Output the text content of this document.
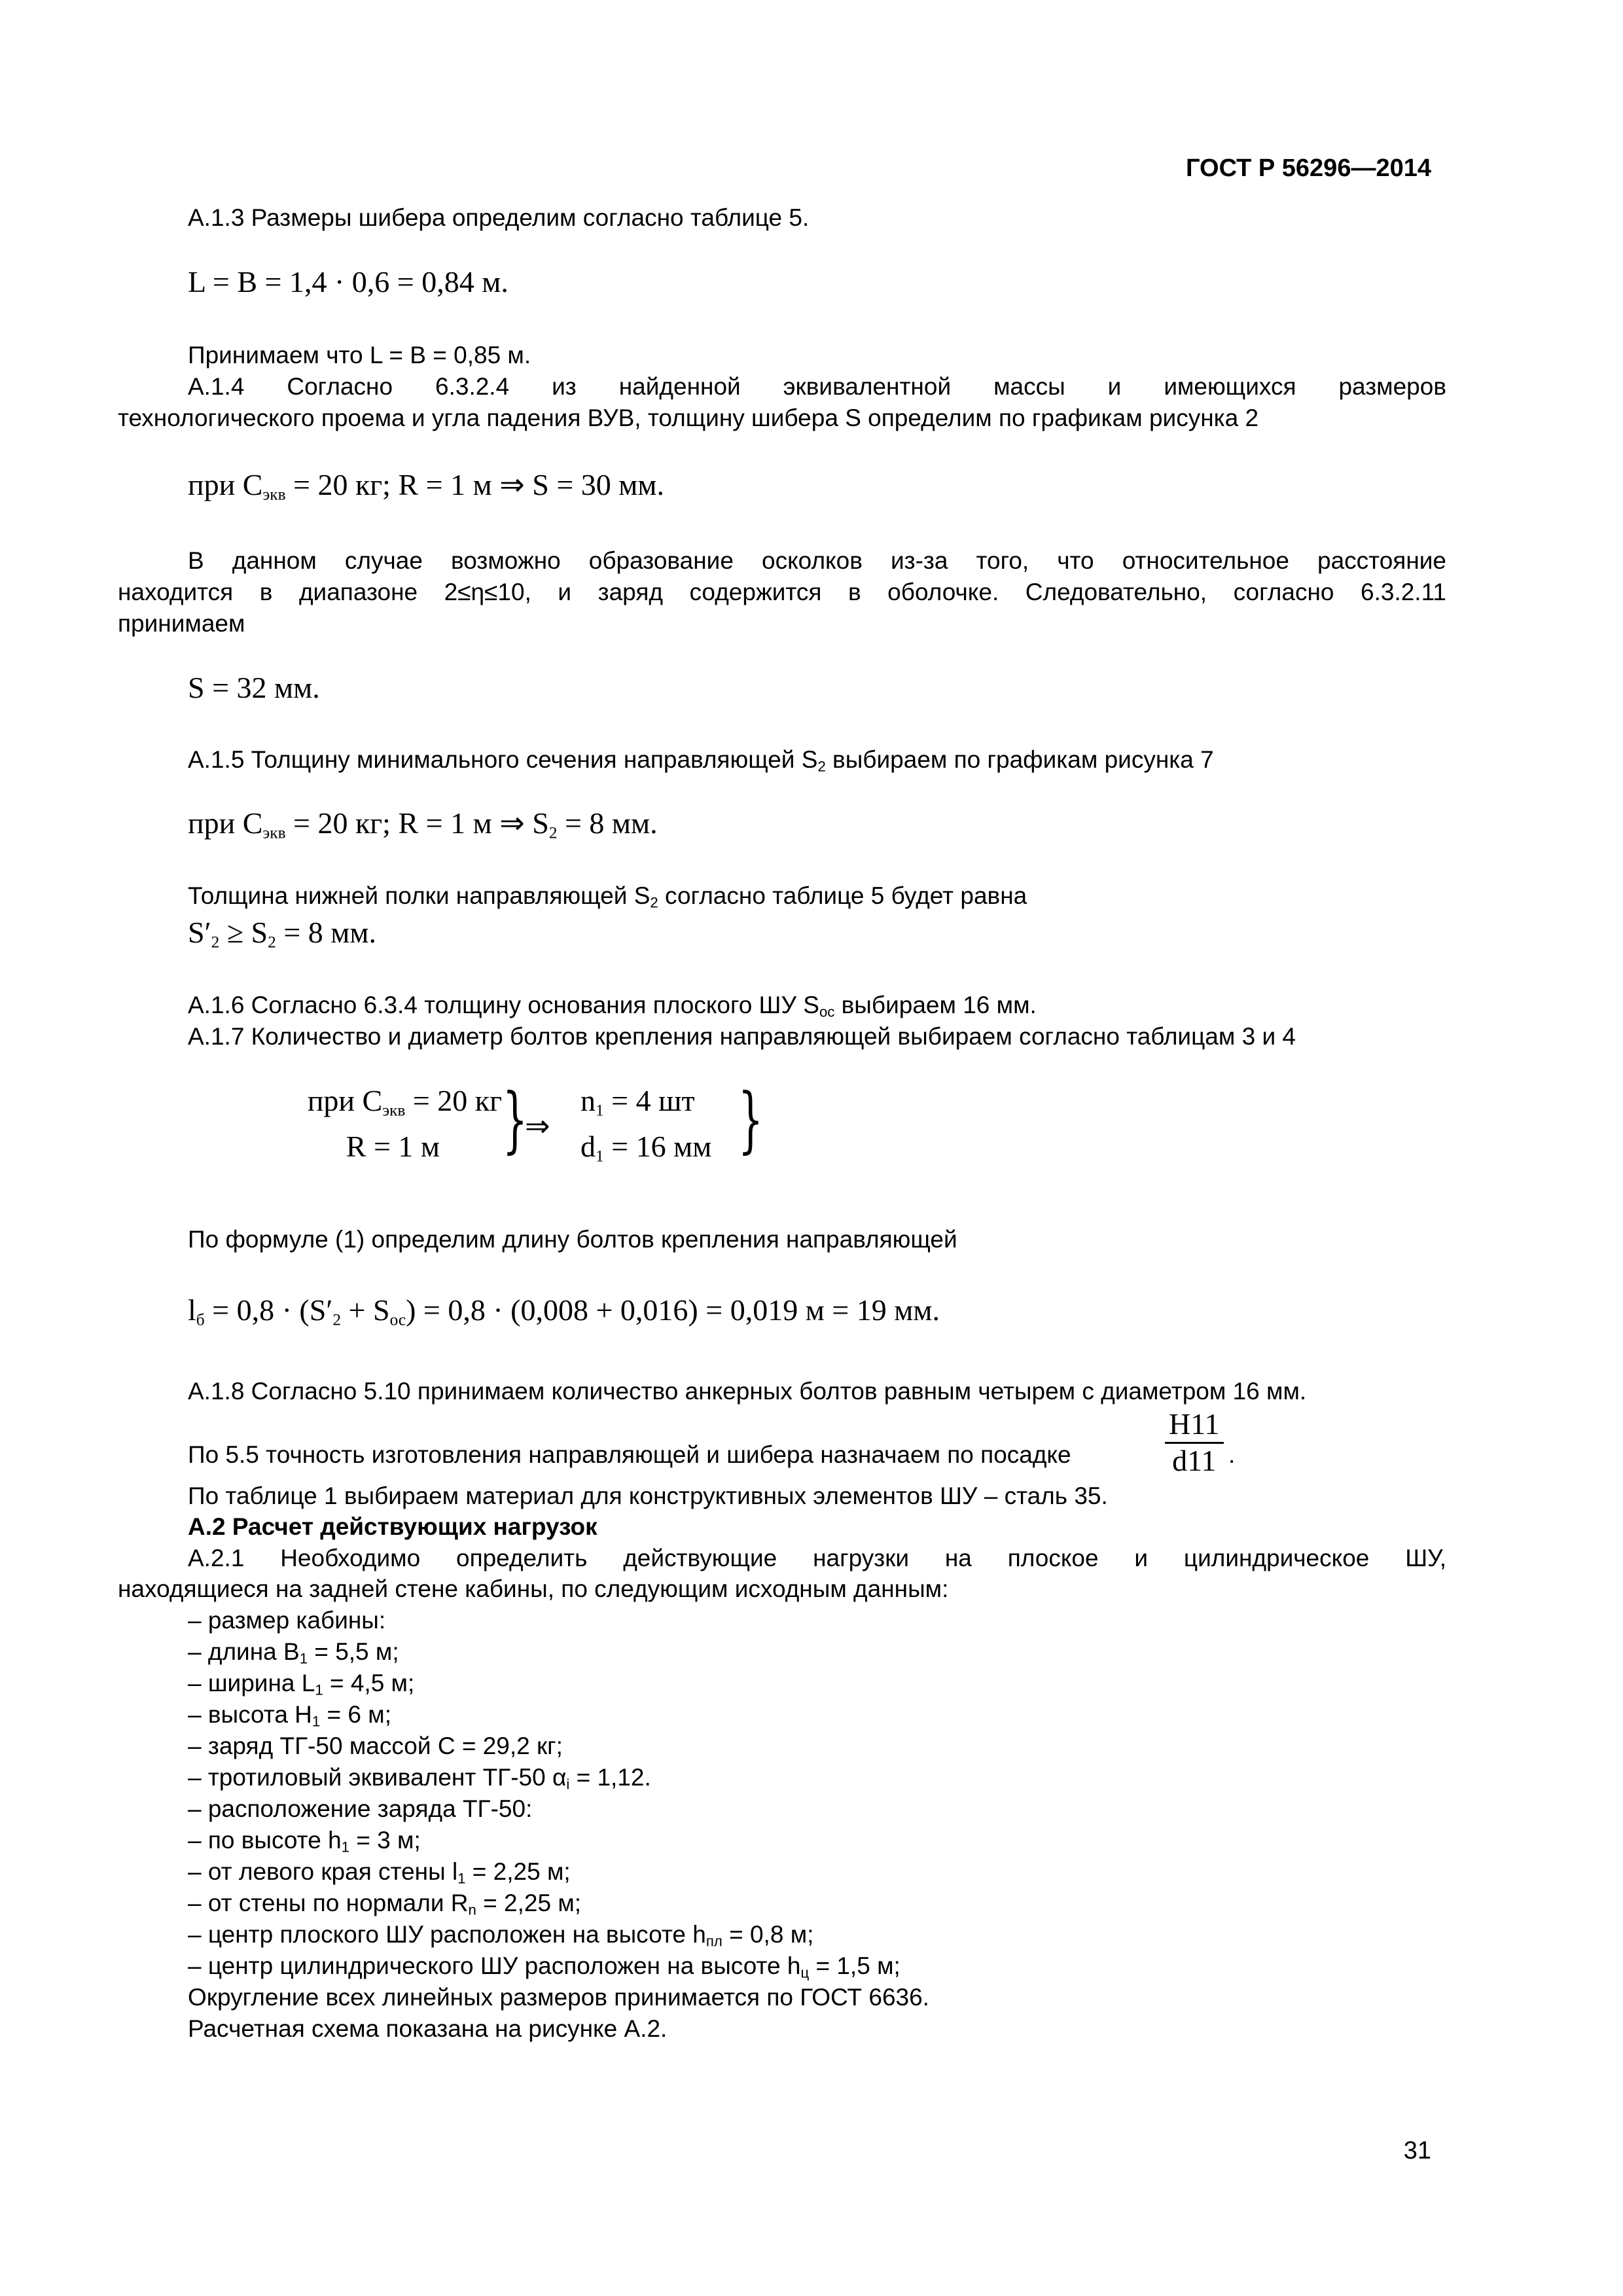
ГОСТ Р 56296—2014
А.1.3 Размеры шибера определим согласно таблице 5.
L = B = 1,4 · 0,6 = 0,84 м.
Принимаем что L = B = 0,85 м.
А.1.4 Согласно 6.3.2.4 из найденной эквивалентной массы и имеющихся размеров
технологического проема и угла падения ВУВ, толщину шибера S определим по графикам рисунка 2
при Cэкв = 20 кг; R = 1 м ⇒ S = 30 мм.
В данном случае возможно образование осколков из-за того, что относительное расстояние
находится в диапазоне 2≤η≤10, и заряд содержится в оболочке. Следовательно, согласно 6.3.2.11
принимаем
S = 32 мм.
А.1.5 Толщину минимального сечения направляющей $S_2$ выбираем по графикам рисунка 7
при Cэкв = 20 кг; R = 1 м ⇒ S2 = 8 мм.
Толщина нижней полки направляющей $S_2$ согласно таблице 5 будет равна
S′2 ≥ S2 = 8 мм.
А.1.6 Согласно 6.3.4 толщину основания плоского ШУ $S_{ос}$ выбираем 16 мм.
А.1.7 Количество и диаметр болтов крепления направляющей выбираем согласно таблицам 3 и 4
при Cэкв = 20 кг
R = 1 м }
⇒
n1 = 4 шт
d1 = 16 мм }
По формуле (1) определим длину болтов крепления направляющей
lб = 0,8 · (S′2 + Sос) = 0,8 · (0,008 + 0,016) = 0,019 м = 19 мм.
А.1.8 Согласно 5.10 принимаем количество анкерных болтов равным четырем с диаметром 16 мм.
По 5.5 точность изготовления направляющей и шибера назначаем по посадке	$\frac{H11}{d11}$ .
По таблице 1 выбираем материал для конструктивных элементов ШУ – сталь 35.
А.2 Расчет действующих нагрузок
А.2.1 Необходимо определить действующие нагрузки на плоское и цилиндрическое ШУ,
находящиеся на задней стене кабины, по следующим исходным данным:
– размер кабины:
– длина $B_1 = 5,5$ м;
– ширина $L_1 = 4,5$ м;
– высота $H_1 = 6$ м;
– заряд ТГ-50 массой C = 29,2 кг;
– тротиловый эквивалент ТГ-50 $\alpha_i = 1,12$.
– расположение заряда ТГ-50:
– по высоте $h_1 = 3$ м;
– от левого края стены $l_1 = 2,25$ м;
– от стены по нормали $R_n = 2,25$ м;
– центр плоского ШУ расположен на высоте $h_{пл} = 0,8$ м;
– центр цилиндрического ШУ расположен на высоте $h_ц = 1,5$ м;
Округление всех линейных размеров принимается по ГОСТ 6636.
Расчетная схема показана на рисунке А.2.
31
